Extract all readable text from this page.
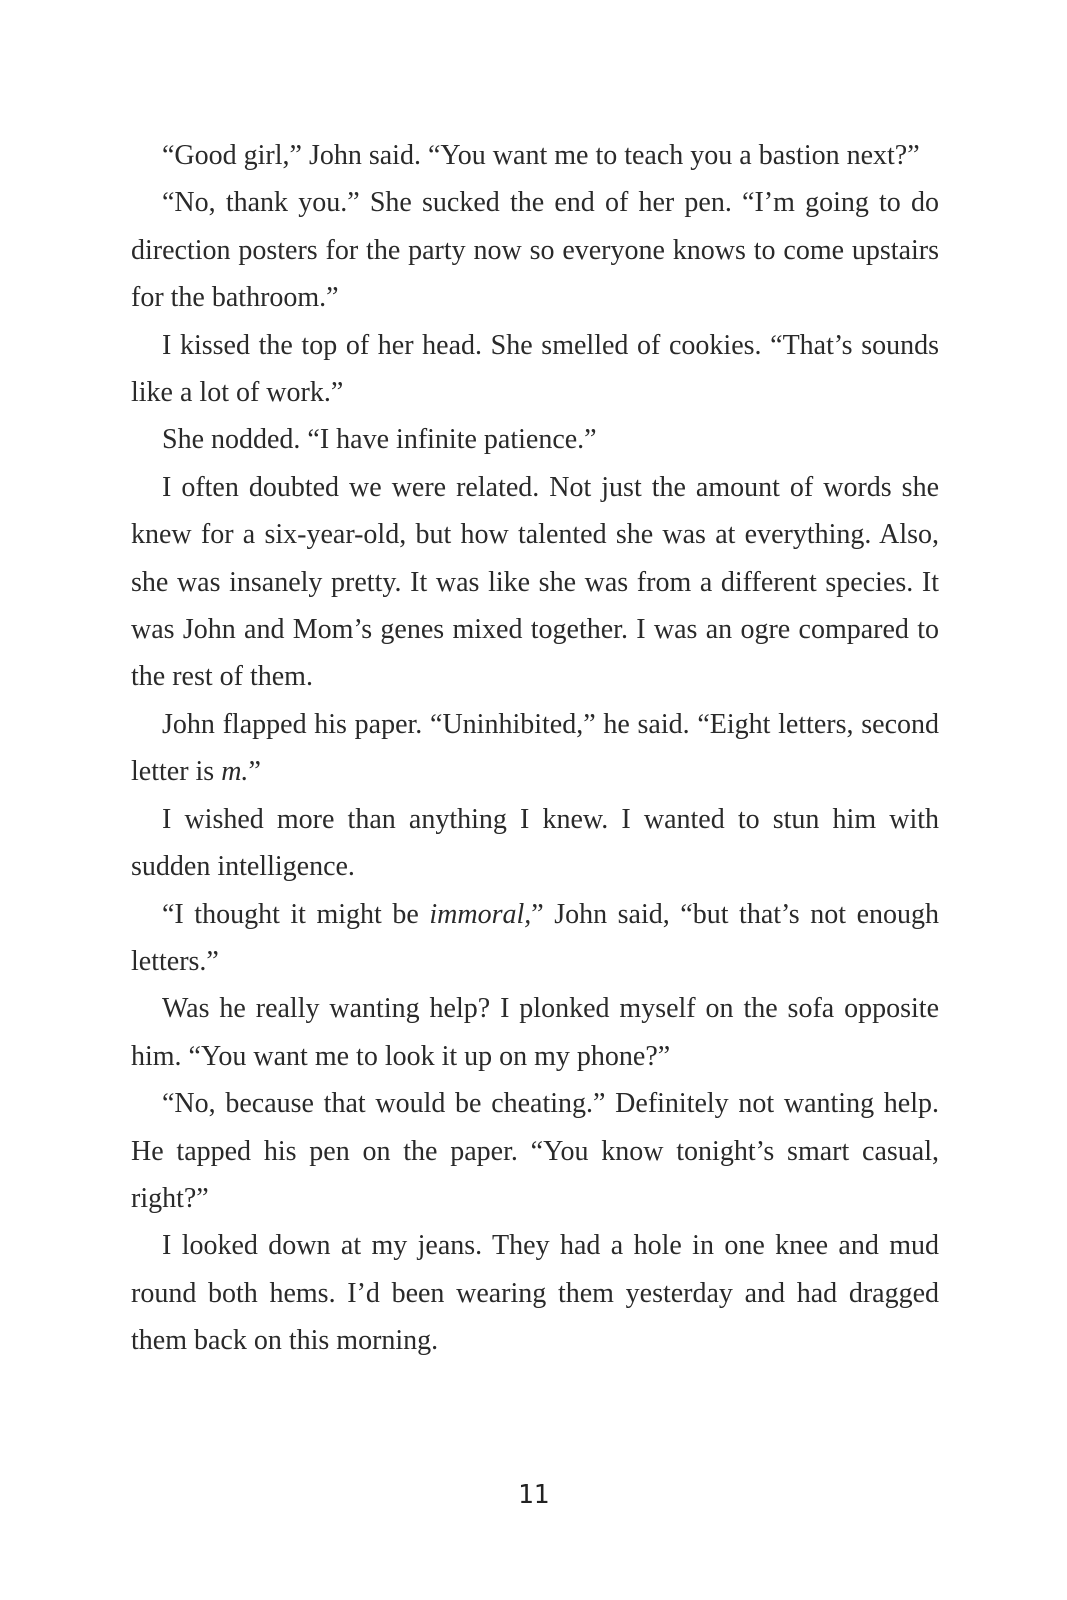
“Good girl,” John said. “You want me to teach you a bastion next?”

“No, thank you.” She sucked the end of her pen. “I’m going to do direction posters for the party now so everyone knows to come upstairs for the bathroom.”

I kissed the top of her head. She smelled of cookies. “That’s sounds like a lot of work.”

She nodded. “I have infinite patience.”

I often doubted we were related. Not just the amount of words she knew for a six-year-old, but how talented she was at everything. Also, she was insanely pretty. It was like she was from a different species. It was John and Mom’s genes mixed together. I was an ogre compared to the rest of them.

John flapped his paper. “Uninhibited,” he said. “Eight letters, second letter is m.”

I wished more than anything I knew. I wanted to stun him with sudden intelligence.

“I thought it might be immoral,” John said, “but that’s not enough letters.”

Was he really wanting help? I plonked myself on the sofa opposite him. “You want me to look it up on my phone?”

“No, because that would be cheating.” Definitely not wanting help. He tapped his pen on the paper. “You know tonight’s smart casual, right?”

I looked down at my jeans. They had a hole in one knee and mud round both hems. I’d been wearing them yesterday and had dragged them back on this morning.

11
